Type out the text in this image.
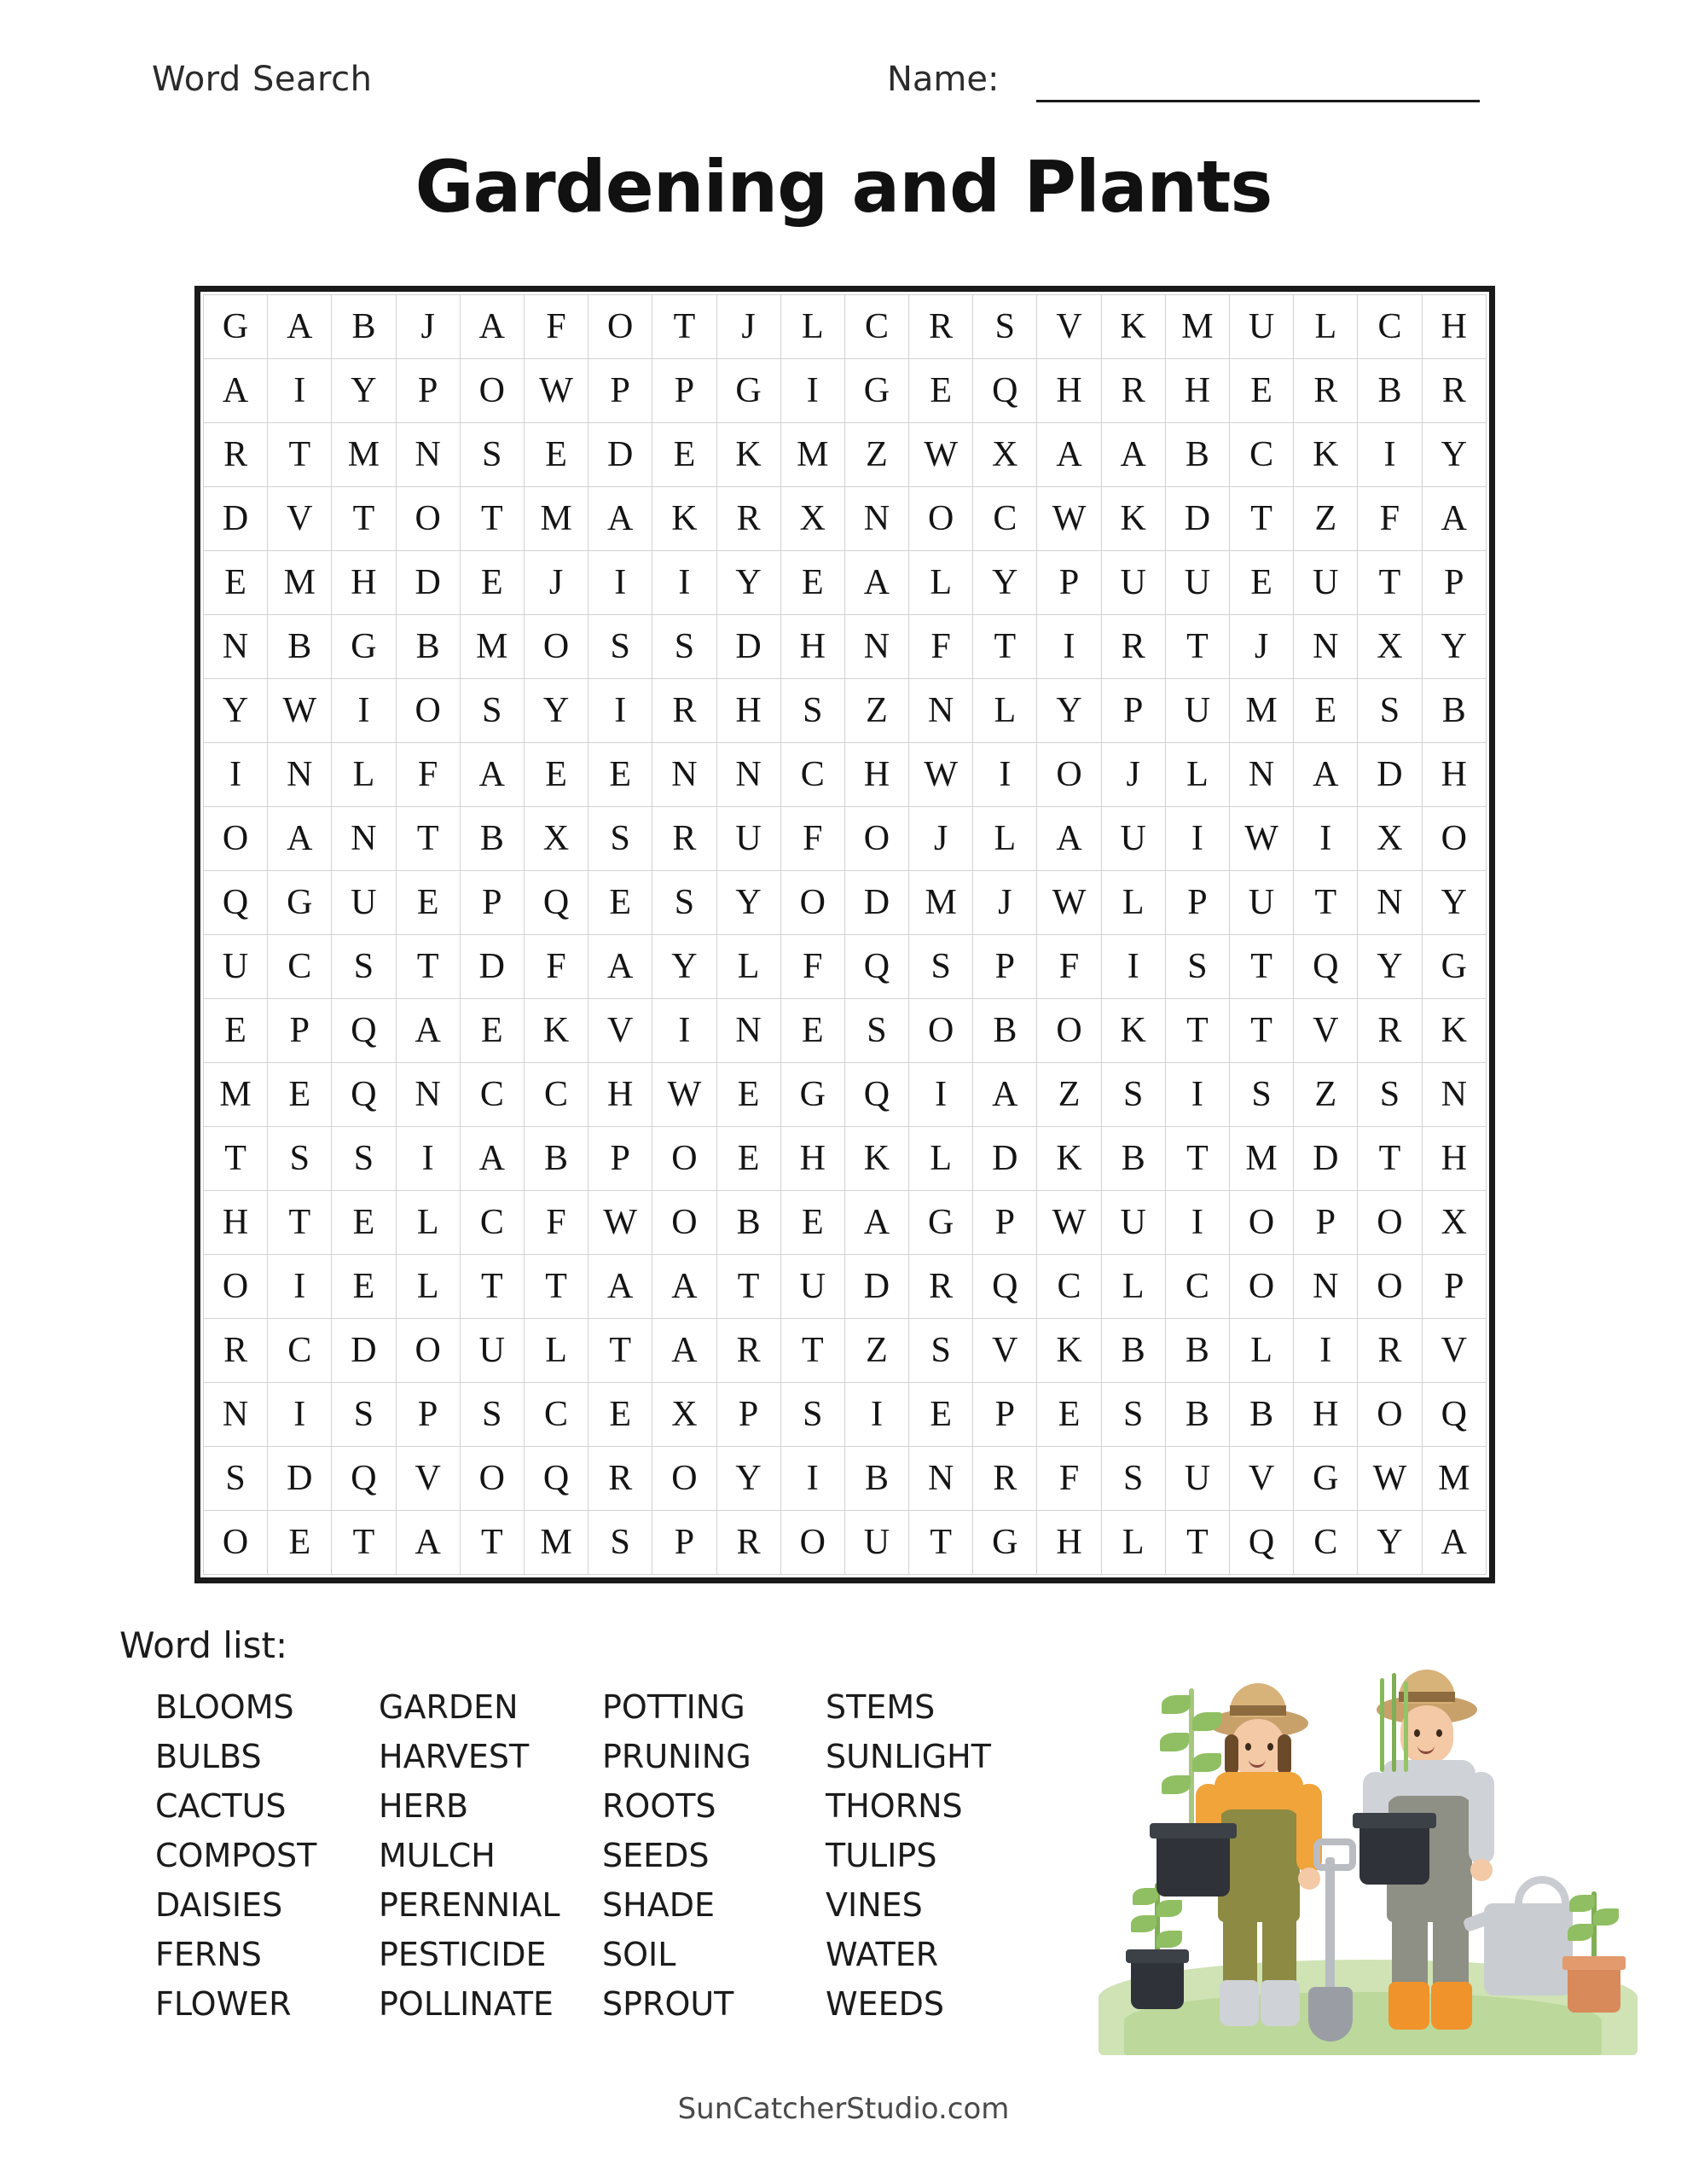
Word Search	Name:
Gardening and Plants
G	A	B	J	A	F	O	T	J	L	C	R	S	V	K	M	U	L	C	H
A	I	Y	P	O	W	P	P	G	I	G	E	Q	H	R	H	E	R	B	R
R	T	M	N	S	E	D	E	K	M	Z	W	X	A	A	B	C	K	I	Y
D	V	T	O	T	M	A	K	R	X	N	O	C	W	K	D	T	Z	F	A
E	M	H	D	E	J	I	I	Y	E	A	L	Y	P	U	U	E	U	T	P
N	B	G	B	M	O	S	S	D	H	N	F	T	I	R	T	J	N	X	Y
Y	W	I	O	S	Y	I	R	H	S	Z	N	L	Y	P	U	M	E	S	B
I	N	L	F	A	E	E	N	N	C	H	W	I	O	J	L	N	A	D	H
O	A	N	T	B	X	S	R	U	F	O	J	L	A	U	I	W	I	X	O
Q	G	U	E	P	Q	E	S	Y	O	D	M	J	W	L	P	U	T	N	Y
U	C	S	T	D	F	A	Y	L	F	Q	S	P	F	I	S	T	Q	Y	G
E	P	Q	A	E	K	V	I	N	E	S	O	B	O	K	T	T	V	R	K
M	E	Q	N	C	C	H	W	E	G	Q	I	A	Z	S	I	S	Z	S	N
T	S	S	I	A	B	P	O	E	H	K	L	D	K	B	T	M	D	T	H
H	T	E	L	C	F	W	O	B	E	A	G	P	W	U	I	O	P	O	X
O	I	E	L	T	T	A	A	T	U	D	R	Q	C	L	C	O	N	O	P
R	C	D	O	U	L	T	A	R	T	Z	S	V	K	B	B	L	I	R	V
N	I	S	P	S	C	E	X	P	S	I	E	P	E	S	B	B	H	O	Q
S	D	Q	V	O	Q	R	O	Y	I	B	N	R	F	S	U	V	G	W	M
O	E	T	A	T	M	S	P	R	O	U	T	G	H	L	T	Q	C	Y	A
Word list:
BLOOMS
BULBS
CACTUS
COMPOST
DAISIES
FERNS
FLOWER
GARDEN
HARVEST
HERB
MULCH
PERENNIAL
PESTICIDE
POLLINATE
POTTING
PRUNING
ROOTS
SEEDS
SHADE
SOIL
SPROUT
STEMS
SUNLIGHT
THORNS
TULIPS
VINES
WATER
WEEDS
SunCatcherStudio.com
